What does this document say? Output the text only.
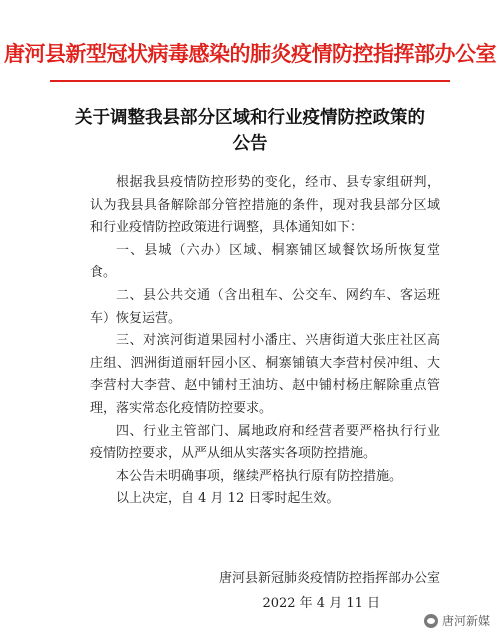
唐河县新型冠状病毒感染的肺炎疫情防控指挥部办公室
关于调整我县部分区域和行业疫情防控政策的
公告

根据我县疫情防控形势的变化，经市、县专家组研判，认为我县具备解除部分管控措施的条件，现对我县部分区域和行业疫情防控政策进行调整，具体通知如下：

一、县城（六办）区域、桐寨铺区域餐饮场所恢复堂食。

二、县公共交通（含出租车、公交车、网约车、客运班车）恢复运营。

三、对滨河街道果园村小潘庄、兴唐街道大张庄社区高庄组、泗洲街道丽轩园小区、桐寨铺镇大李营村侯冲组、大李营村大李营、赵中铺村王油坊、赵中铺村杨庄解除重点管理，落实常态化疫情防控要求。

四、行业主管部门、属地政府和经营者要严格执行行业疫情防控要求，从严从细从实落实各项防控措施。

本公告未明确事项，继续严格执行原有防控措施。

以上决定，自 4 月 12 日零时起生效。

唐河县新冠肺炎疫情防控指挥部办公室
2022 年 4 月 11 日
唐河新媒
